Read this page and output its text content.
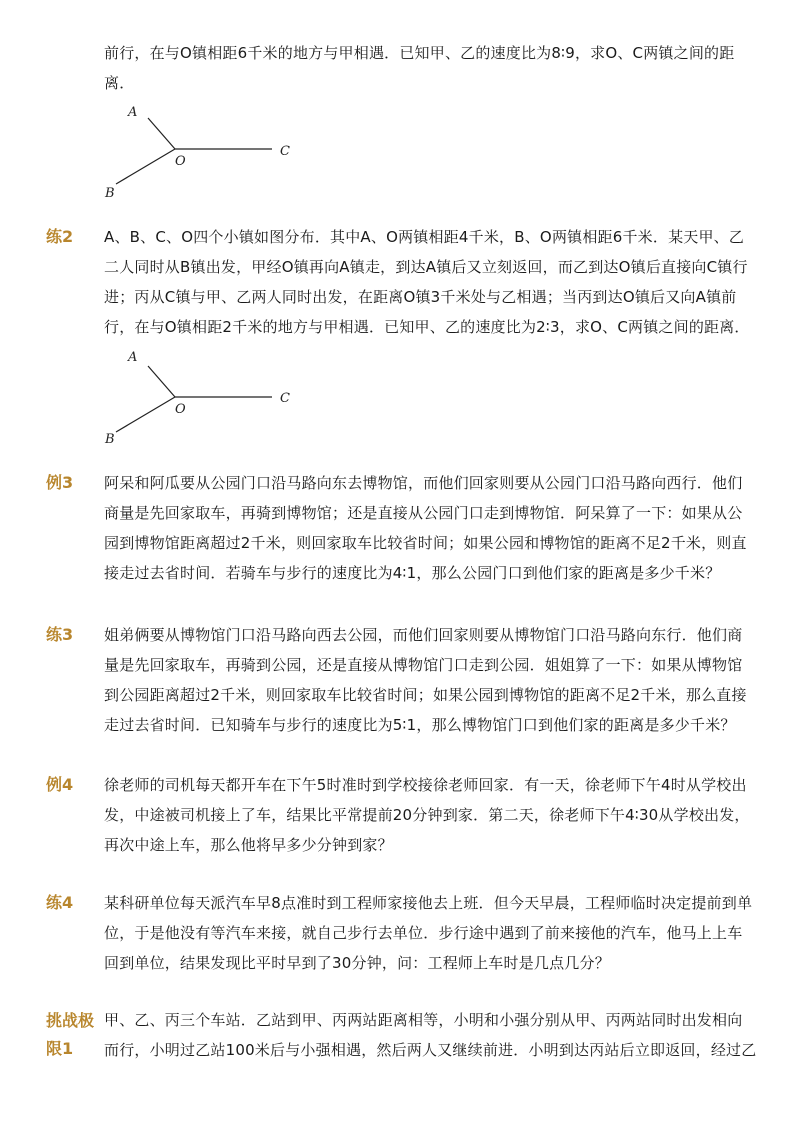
前行，在与O镇相距6千米的地方与甲相遇．已知甲、乙的速度比为8∶9，求O、C两镇之间的距
离．
A
B
C
O
练2 A、B、C、O四个小镇如图分布．其中A、O两镇相距4千米，B、O两镇相距6千米．某天甲、乙
二人同时从B镇出发，甲经O镇再向A镇走，到达A镇后又立刻返回，而乙到达O镇后直接向C镇行
进；丙从C镇与甲、乙两人同时出发，在距离O镇3千米处与乙相遇；当丙到达O镇后又向A镇前
行，在与O镇相距2千米的地方与甲相遇．已知甲、乙的速度比为2∶3，求O、C两镇之间的距离．
A
B
C
O
例3 阿呆和阿瓜要从公园门口沿马路向东去博物馆，而他们回家则要从公园门口沿马路向西行．他们
商量是先回家取车，再骑到博物馆；还是直接从公园门口走到博物馆．阿呆算了一下：如果从公
园到博物馆距离超过2千米，则回家取车比较省时间；如果公园和博物馆的距离不足2千米，则直
接走过去省时间．若骑车与步行的速度比为4∶1，那么公园门口到他们家的距离是多少千米？
练3 姐弟俩要从博物馆门口沿马路向西去公园，而他们回家则要从博物馆门口沿马路向东行．他们商
量是先回家取车，再骑到公园，还是直接从博物馆门口走到公园．姐姐算了一下：如果从博物馆
到公园距离超过2千米，则回家取车比较省时间；如果公园到博物馆的距离不足2千米，那么直接
走过去省时间．已知骑车与步行的速度比为5∶1，那么博物馆门口到他们家的距离是多少千米？
例4 徐老师的司机每天都开车在下午5时准时到学校接徐老师回家．有一天，徐老师下午4时从学校出
发，中途被司机接上了车，结果比平常提前20分钟到家．第二天，徐老师下午4∶30从学校出发，
再次中途上车，那么他将早多少分钟到家？
练4 某科研单位每天派汽车早8点准时到工程师家接他去上班．但今天早晨，工程师临时决定提前到单
位，于是他没有等汽车来接，就自己步行去单位．步行途中遇到了前来接他的汽车，他马上上车
回到单位，结果发现比平时早到了30分钟，问：工程师上车时是几点几分？
挑战极限1
甲、乙、丙三个车站．乙站到甲、丙两站距离相等，小明和小强分别从甲、丙两站同时出发相向
而行，小明过乙站100米后与小强相遇，然后两人又继续前进．小明到达丙站后立即返回，经过乙
